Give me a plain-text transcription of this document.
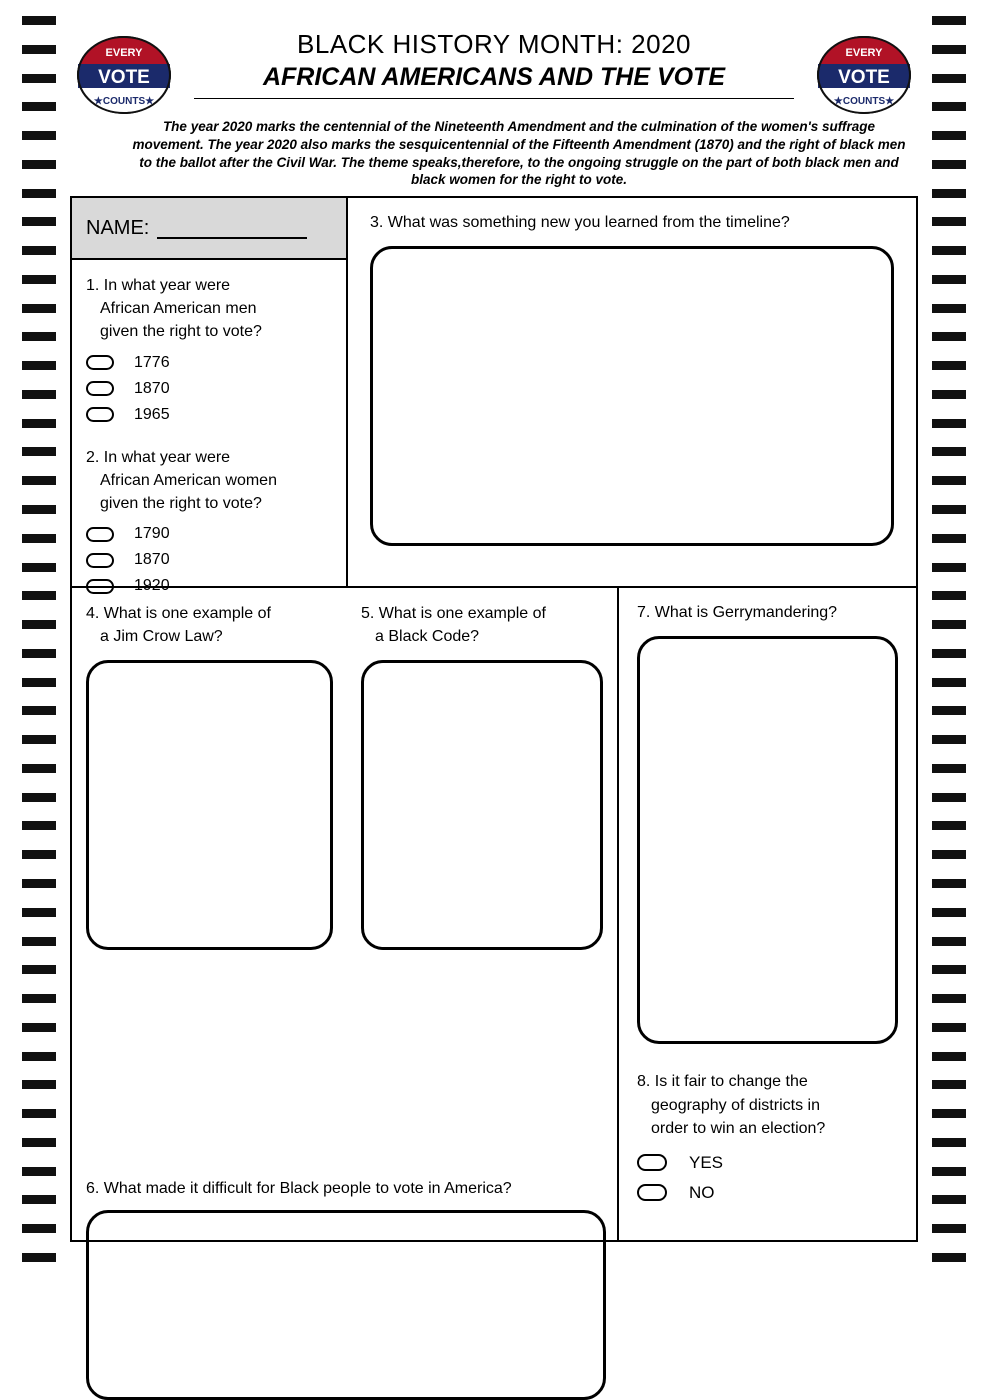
EVERY
VOTE
★COUNTS★
BLACK HISTORY MONTH: 2020
AFRICAN AMERICANS AND THE VOTE
EVERY
VOTE
★COUNTS★
The year 2020 marks the centennial of the Nineteenth Amendment and the culmination of the women's suffrage movement. The year 2020 also marks the sesquicentennial of the Fifteenth Amendment (1870) and the right of black men to the ballot after the Civil War. The theme speaks,therefore, to the ongoing struggle on the part of both black men and black women for the right to vote.
NAME:
1. In what year were
African American men
given the right to vote?
1776
1870
1965
2. In what year were
African American women
given the right to vote?
1790
1870
1920
3. What was something new you learned from the timeline?
4. What is one example of
a Jim Crow Law?
5. What is one example of
a Black Code?
6. What made it difficult for Black people to vote in America?
7. What is Gerrymandering?
8. Is it fair to change the
geography of districts in
order to win an election?
YES
NO
